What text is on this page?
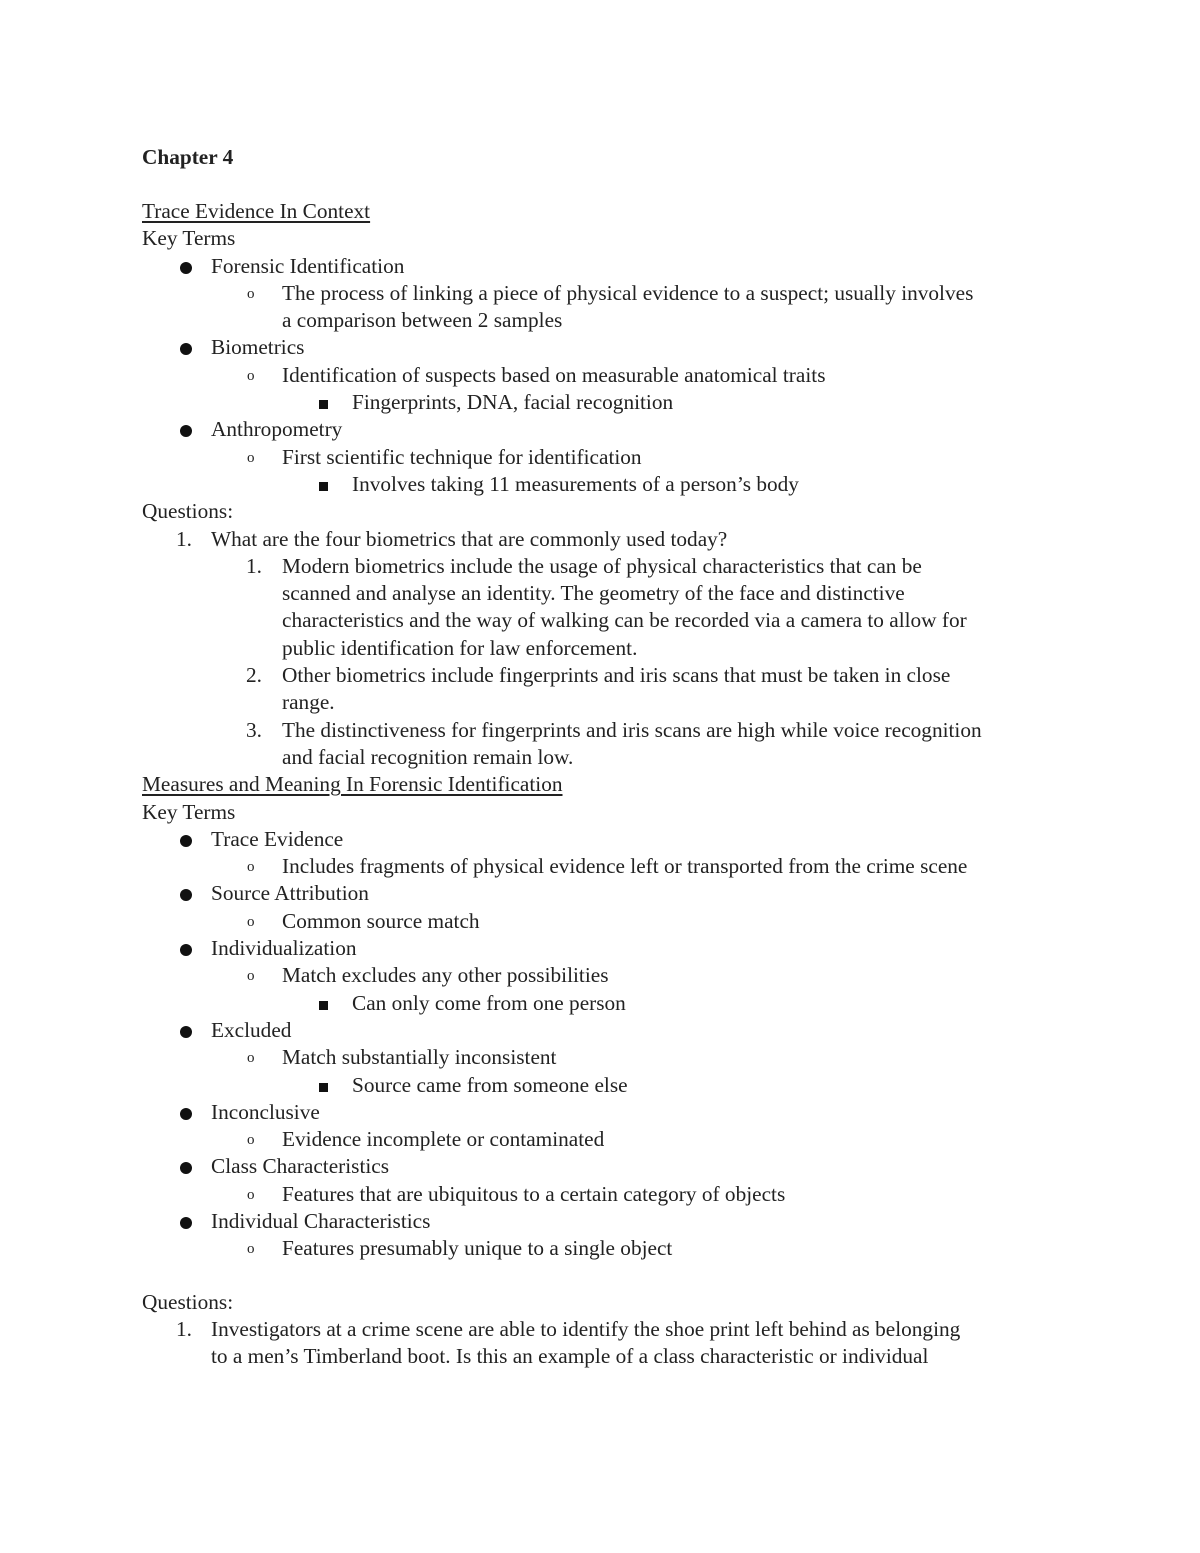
Chapter 4
Trace Evidence In Context
Key Terms
Forensic Identification
o The process of linking a piece of physical evidence to a suspect; usually involves
a comparison between 2 samples
Biometrics
o Identification of suspects based on measurable anatomical traits
Fingerprints, DNA, facial recognition
Anthropometry
o First scientific technique for identification
Involves taking 11 measurements of a person’s body
Questions:
1. What are the four biometrics that are commonly used today?
1. Modern biometrics include the usage of physical characteristics that can be
scanned and analyse an identity. The geometry of the face and distinctive
characteristics and the way of walking can be recorded via a camera to allow for
public identification for law enforcement.
2. Other biometrics include fingerprints and iris scans that must be taken in close
range.
3. The distinctiveness for fingerprints and iris scans are high while voice recognition
and facial recognition remain low.
Measures and Meaning In Forensic Identification
Key Terms
Trace Evidence
o Includes fragments of physical evidence left or transported from the crime scene
Source Attribution
o Common source match
Individualization
o Match excludes any other possibilities
Can only come from one person
Excluded
o Match substantially inconsistent
Source came from someone else
Inconclusive
o Evidence incomplete or contaminated
Class Characteristics
o Features that are ubiquitous to a certain category of objects
Individual Characteristics
o Features presumably unique to a single object
Questions:
1. Investigators at a crime scene are able to identify the shoe print left behind as belonging
to a men’s Timberland boot. Is this an example of a class characteristic or individual
